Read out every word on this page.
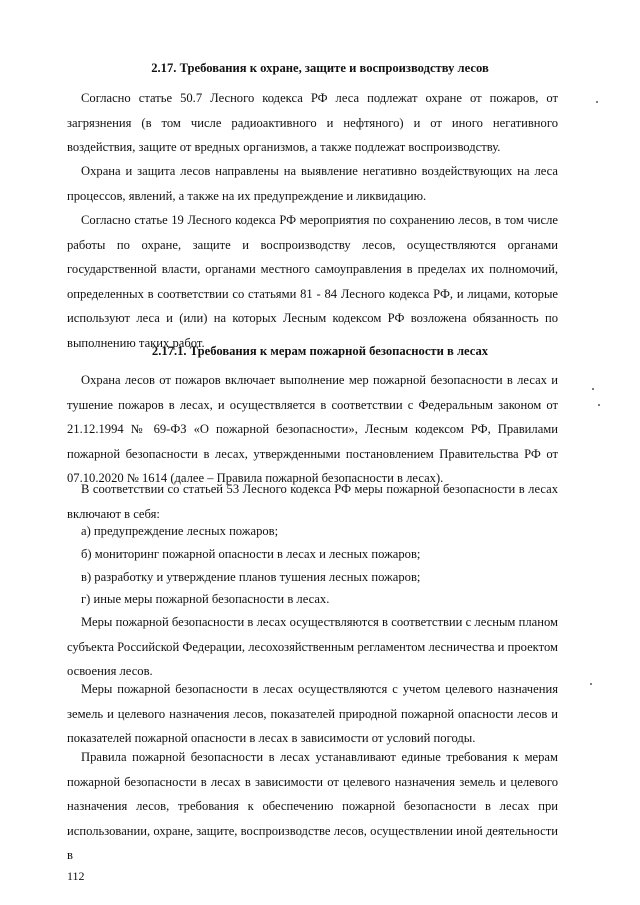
2.17. Требования к охране, защите и воспроизводству лесов

Согласно статье 50.7 Лесного кодекса РФ леса подлежат охране от пожаров, от загрязнения (в том числе радиоактивного и нефтяного) и от иного негативного воздействия, защите от вредных организмов, а также подлежат воспроизводству.

Охрана и защита лесов направлены на выявление негативно воздействующих на леса процессов, явлений, а также на их предупреждение и ликвидацию.

Согласно статье 19 Лесного кодекса РФ мероприятия по сохранению лесов, в том числе работы по охране, защите и воспроизводству лесов, осуществляются органами государственной власти, органами местного самоуправления в пределах их полномочий, определенных в соответствии со статьями 81 - 84 Лесного кодекса РФ, и лицами, которые используют леса и (или) на которых Лесным кодексом РФ возложена обязанность по выполнению таких работ.

2.17.1. Требования к мерам пожарной безопасности в лесах

Охрана лесов от пожаров включает выполнение мер пожарной безопасности в лесах и тушение пожаров в лесах, и осуществляется в соответствии с Федеральным законом от 21.12.1994 № 69-ФЗ «О пожарной безопасности», Лесным кодексом РФ, Правилами пожарной безопасности в лесах, утвержденными постановлением Правительства РФ от 07.10.2020 № 1614 (далее – Правила пожарной безопасности в лесах).

В соответствии со статьей 53 Лесного кодекса РФ меры пожарной безопасности в лесах включают в себя:

а) предупреждение лесных пожаров;

б) мониторинг пожарной опасности в лесах и лесных пожаров;

в) разработку и утверждение планов тушения лесных пожаров;

г) иные меры пожарной безопасности в лесах.

Меры пожарной безопасности в лесах осуществляются в соответствии с лесным планом субъекта Российской Федерации, лесохозяйственным регламентом лесничества и проектом освоения лесов.

Меры пожарной безопасности в лесах осуществляются с учетом целевого назначения земель и целевого назначения лесов, показателей природной пожарной опасности лесов и показателей пожарной опасности в лесах в зависимости от условий погоды.

Правила пожарной безопасности в лесах устанавливают единые требования к мерам пожарной безопасности в лесах в зависимости от целевого назначения земель и целевого назначения лесов, требования к обеспечению пожарной безопасности в лесах при использовании, охране, защите, воспроизводстве лесов, осуществлении иной деятельности в

112
